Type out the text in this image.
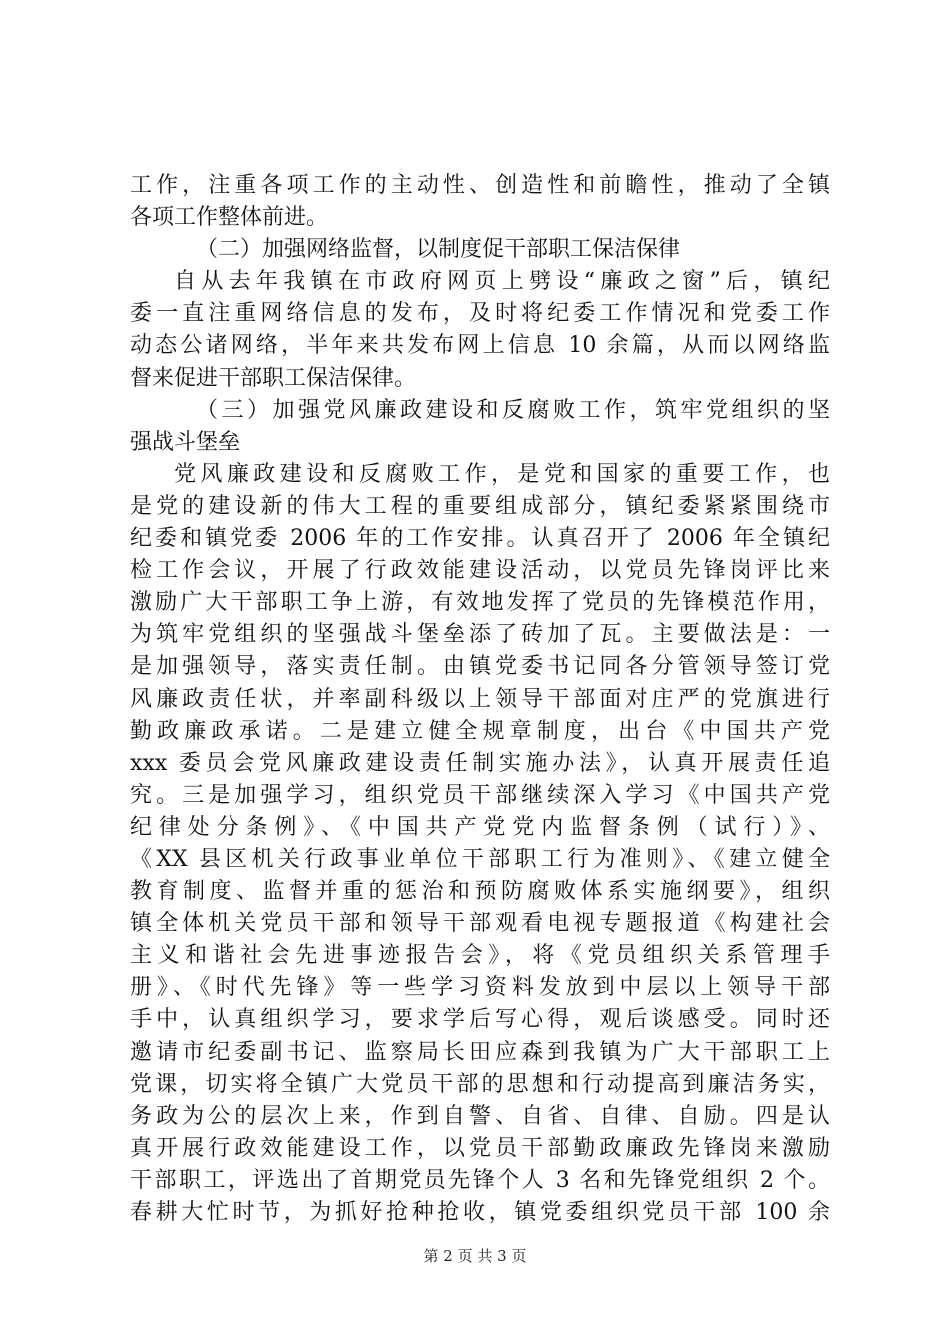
工作，注重各项工作的主动性、创造性和前瞻性，推动了全镇
各项工作整体前进。
（二）加强网络监督，以制度促干部职工保洁保律
自从去年我镇在市政府网页上劈设“廉政之窗”后，镇纪
委一直注重网络信息的发布，及时将纪委工作情况和党委工作
动态公诸网络，半年来共发布网上信息 10 余篇，从而以网络监
督来促进干部职工保洁保律。
（三）加强党风廉政建设和反腐败工作，筑牢党组织的坚
强战斗堡垒
党风廉政建设和反腐败工作，是党和国家的重要工作，也
是党的建设新的伟大工程的重要组成部分，镇纪委紧紧围绕市
纪委和镇党委 2006 年的工作安排。认真召开了 2006 年全镇纪
检工作会议，开展了行政效能建设活动，以党员先锋岗评比来
激励广大干部职工争上游，有效地发挥了党员的先锋模范作用，
为筑牢党组织的坚强战斗堡垒添了砖加了瓦。主要做法是：一
是加强领导，落实责任制。由镇党委书记同各分管领导签订党
风廉政责任状，并率副科级以上领导干部面对庄严的党旗进行
勤政廉政承诺。二是建立健全规章制度，出台《中国共产党
xxx 委员会党风廉政建设责任制实施办法》，认真开展责任追
究。三是加强学习，组织党员干部继续深入学习《中国共产党
纪律处分条例》、《中国共产党党内监督条例（试行）》、
《XX 县区机关行政事业单位干部职工行为准则》、《建立健全
教育制度、监督并重的惩治和预防腐败体系实施纲要》，组织
镇全体机关党员干部和领导干部观看电视专题报道《构建社会
主义和谐社会先进事迹报告会》，将《党员组织关系管理手
册》、《时代先锋》等一些学习资料发放到中层以上领导干部
手中，认真组织学习，要求学后写心得，观后谈感受。同时还
邀请市纪委副书记、监察局长田应森到我镇为广大干部职工上
党课，切实将全镇广大党员干部的思想和行动提高到廉洁务实，
务政为公的层次上来，作到自警、自省、自律、自励。四是认
真开展行政效能建设工作，以党员干部勤政廉政先锋岗来激励
干部职工，评选出了首期党员先锋个人 3 名和先锋党组织 2 个。
春耕大忙时节，为抓好抢种抢收，镇党委组织党员干部 100 余
第 2 页 共 3 页
